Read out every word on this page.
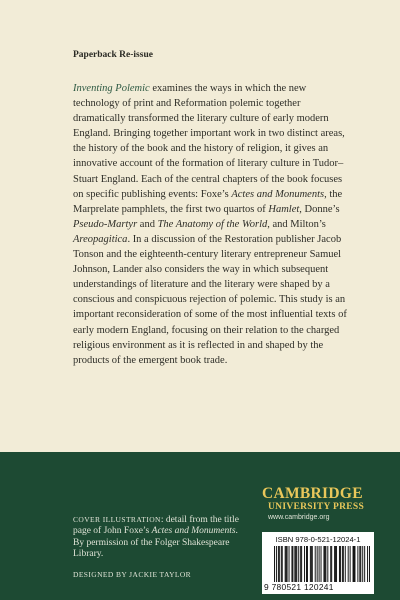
Paperback Re-issue

Inventing Polemic examines the ways in which the new technology of print and Reformation polemic together dramatically transformed the literary culture of early modern England. Bringing together important work in two distinct areas, the history of the book and the history of religion, it gives an innovative account of the formation of literary culture in Tudor–Stuart England. Each of the central chapters of the book focuses on specific publishing events: Foxe’s Actes and Monuments, the Marprelate pamphlets, the first two quartos of Hamlet, Donne’s Pseudo-Martyr and The Anatomy of the World, and Milton’s Areopagitica. In a discussion of the Restoration publisher Jacob Tonson and the eighteenth-century literary entrepreneur Samuel Johnson, Lander also considers the way in which subsequent understandings of literature and the literary were shaped by a conscious and conspicuous rejection of polemic. This study is an important reconsideration of some of the most influential texts of early modern England, focusing on their relation to the charged religious environment as it is reflected in and shaped by the products of the emergent book trade.

COVER ILLUSTRATION: detail from the title page of John Foxe’s Actes and Monuments. By permission of the Folger Shakespeare Library.
DESIGNED BY JACKIE TAYLOR
CAMBRIDGE
UNIVERSITY PRESS
www.cambridge.org
ISBN 978-0-521-12024-1
9 780521 120241
